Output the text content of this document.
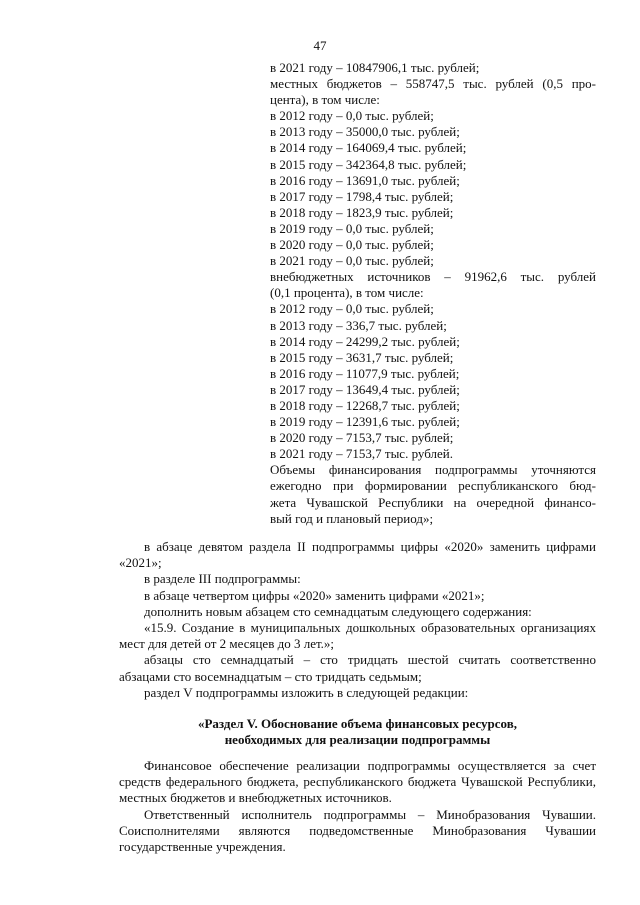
47
в 2021 году – 10847906,1 тыс. рублей;
местных бюджетов – 558747,5 тыс. рублей (0,5 про-
цента), в том числе:
в 2012 году – 0,0 тыс. рублей;
в 2013 году – 35000,0 тыс. рублей;
в 2014 году – 164069,4 тыс. рублей;
в 2015 году – 342364,8 тыс. рублей;
в 2016 году – 13691,0 тыс. рублей;
в 2017 году – 1798,4 тыс. рублей;
в 2018 году – 1823,9 тыс. рублей;
в 2019 году – 0,0 тыс. рублей;
в 2020 году – 0,0 тыс. рублей;
в 2021 году – 0,0 тыс. рублей;
внебюджетных источников – 91962,6 тыс. рублей
(0,1 процента), в том числе:
в 2012 году – 0,0 тыс. рублей;
в 2013 году – 336,7 тыс. рублей;
в 2014 году – 24299,2 тыс. рублей;
в 2015 году – 3631,7 тыс. рублей;
в 2016 году – 11077,9 тыс. рублей;
в 2017 году – 13649,4 тыс. рублей;
в 2018 году – 12268,7 тыс. рублей;
в 2019 году – 12391,6 тыс. рублей;
в 2020 году – 7153,7 тыс. рублей;
в 2021 году – 7153,7 тыс. рублей.
Объемы финансирования подпрограммы уточняются
ежегодно при формировании республиканского бюд-
жета Чувашской Республики на очередной финансо-
вый год и плановый период»;
в абзаце девятом раздела II подпрограммы цифры «2020» заменить цифрами «2021»;
в разделе III подпрограммы:
в абзаце четвертом цифры «2020» заменить цифрами «2021»;
дополнить новым абзацем сто семнадцатым следующего содержания:
«15.9. Создание в муниципальных дошкольных образовательных организациях мест для детей от 2 месяцев до 3 лет.»;
абзацы сто семнадцатый – сто тридцать шестой считать соответственно абзацами сто восемнадцатым – сто тридцать седьмым;
раздел V подпрограммы изложить в следующей редакции:
«Раздел V. Обоснование объема финансовых ресурсов,
необходимых для реализации подпрограммы
Финансовое обеспечение реализации подпрограммы осуществляется за счет средств федерального бюджета, республиканского бюджета Чувашской Республики, местных бюджетов и внебюджетных источников.
Ответственный исполнитель подпрограммы – Минобразования Чувашии. Соисполнителями являются подведомственные Минобразования Чувашии государственные учреждения.
